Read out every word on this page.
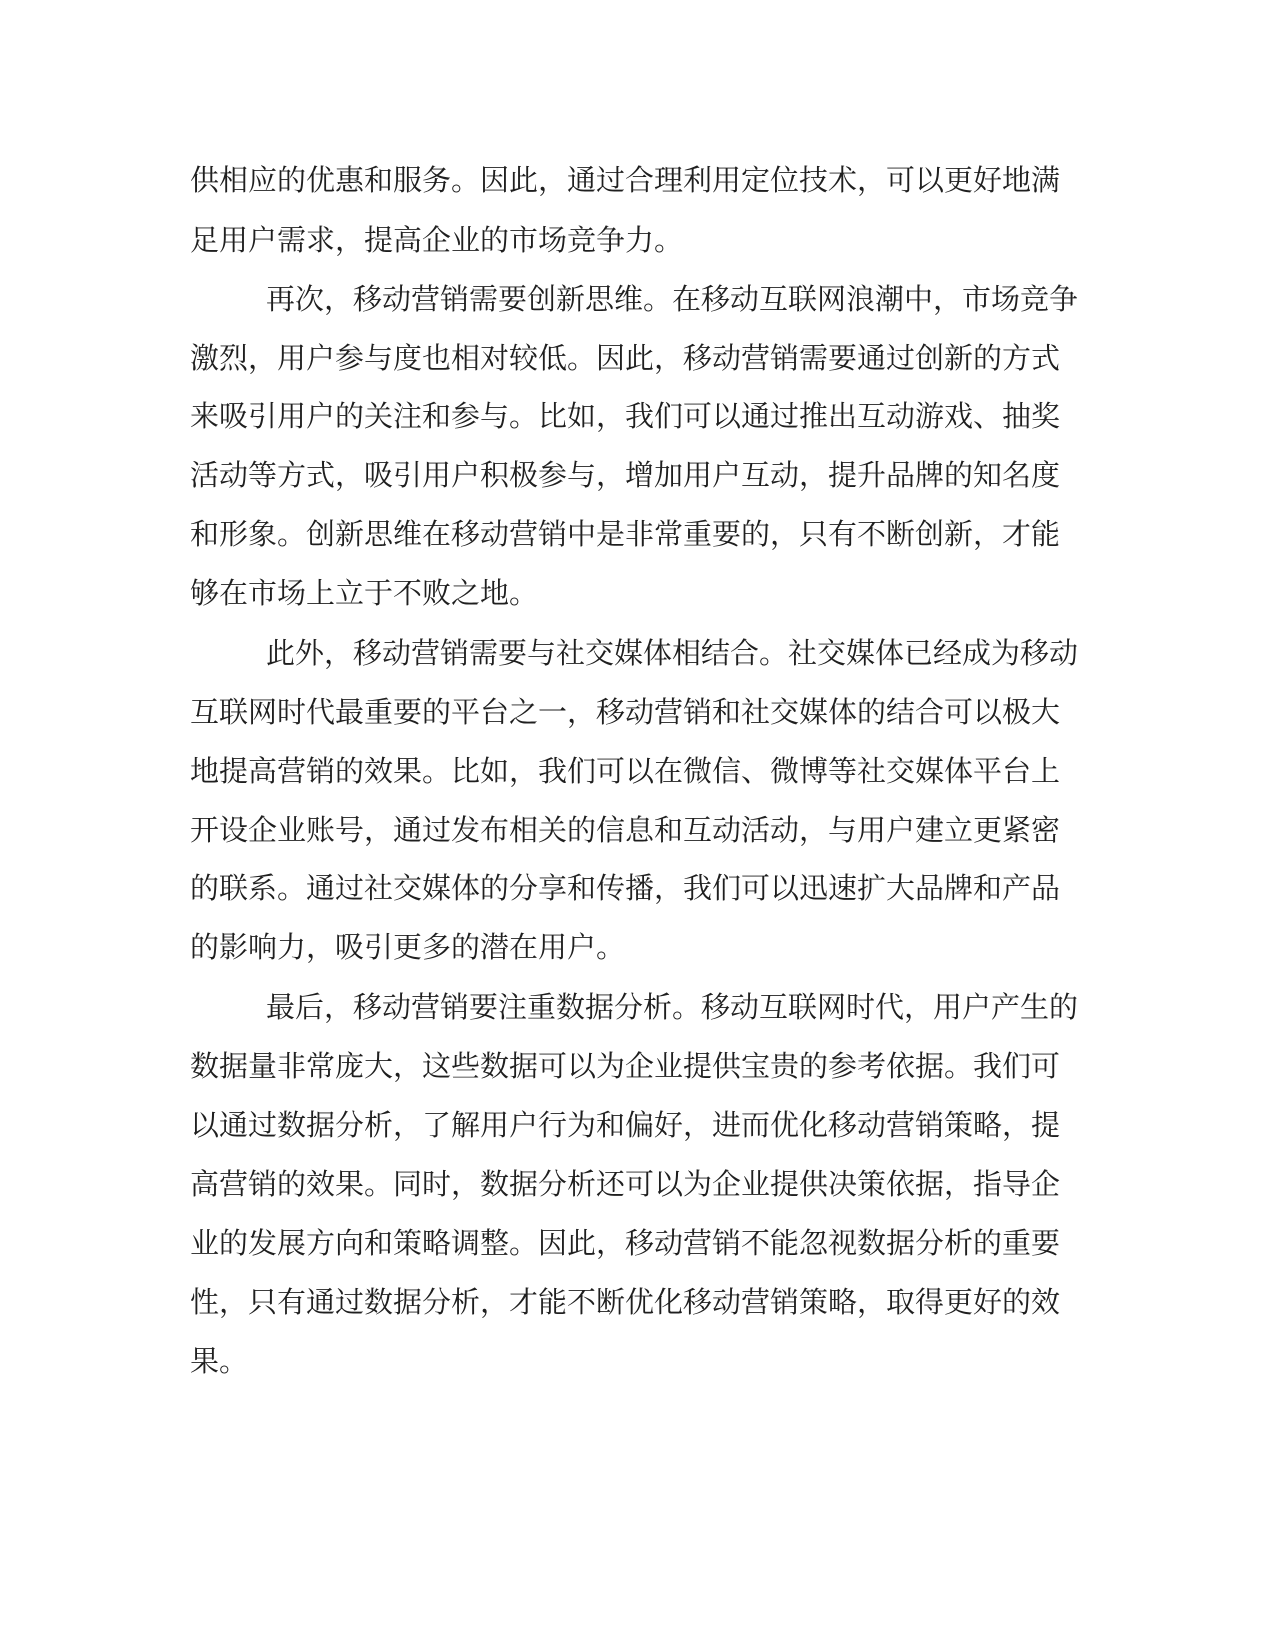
供相应的优惠和服务。因此，通过合理利用定位技术，可以更好地满
足用户需求，提高企业的市场竞争力。
再次，移动营销需要创新思维。在移动互联网浪潮中，市场竞争
激烈，用户参与度也相对较低。因此，移动营销需要通过创新的方式
来吸引用户的关注和参与。比如，我们可以通过推出互动游戏、抽奖
活动等方式，吸引用户积极参与，增加用户互动，提升品牌的知名度
和形象。创新思维在移动营销中是非常重要的，只有不断创新，才能
够在市场上立于不败之地。
此外，移动营销需要与社交媒体相结合。社交媒体已经成为移动
互联网时代最重要的平台之一，移动营销和社交媒体的结合可以极大
地提高营销的效果。比如，我们可以在微信、微博等社交媒体平台上
开设企业账号，通过发布相关的信息和互动活动，与用户建立更紧密
的联系。通过社交媒体的分享和传播，我们可以迅速扩大品牌和产品
的影响力，吸引更多的潜在用户。
最后，移动营销要注重数据分析。移动互联网时代，用户产生的
数据量非常庞大，这些数据可以为企业提供宝贵的参考依据。我们可
以通过数据分析，了解用户行为和偏好，进而优化移动营销策略，提
高营销的效果。同时，数据分析还可以为企业提供决策依据，指导企
业的发展方向和策略调整。因此，移动营销不能忽视数据分析的重要
性，只有通过数据分析，才能不断优化移动营销策略，取得更好的效
果。
